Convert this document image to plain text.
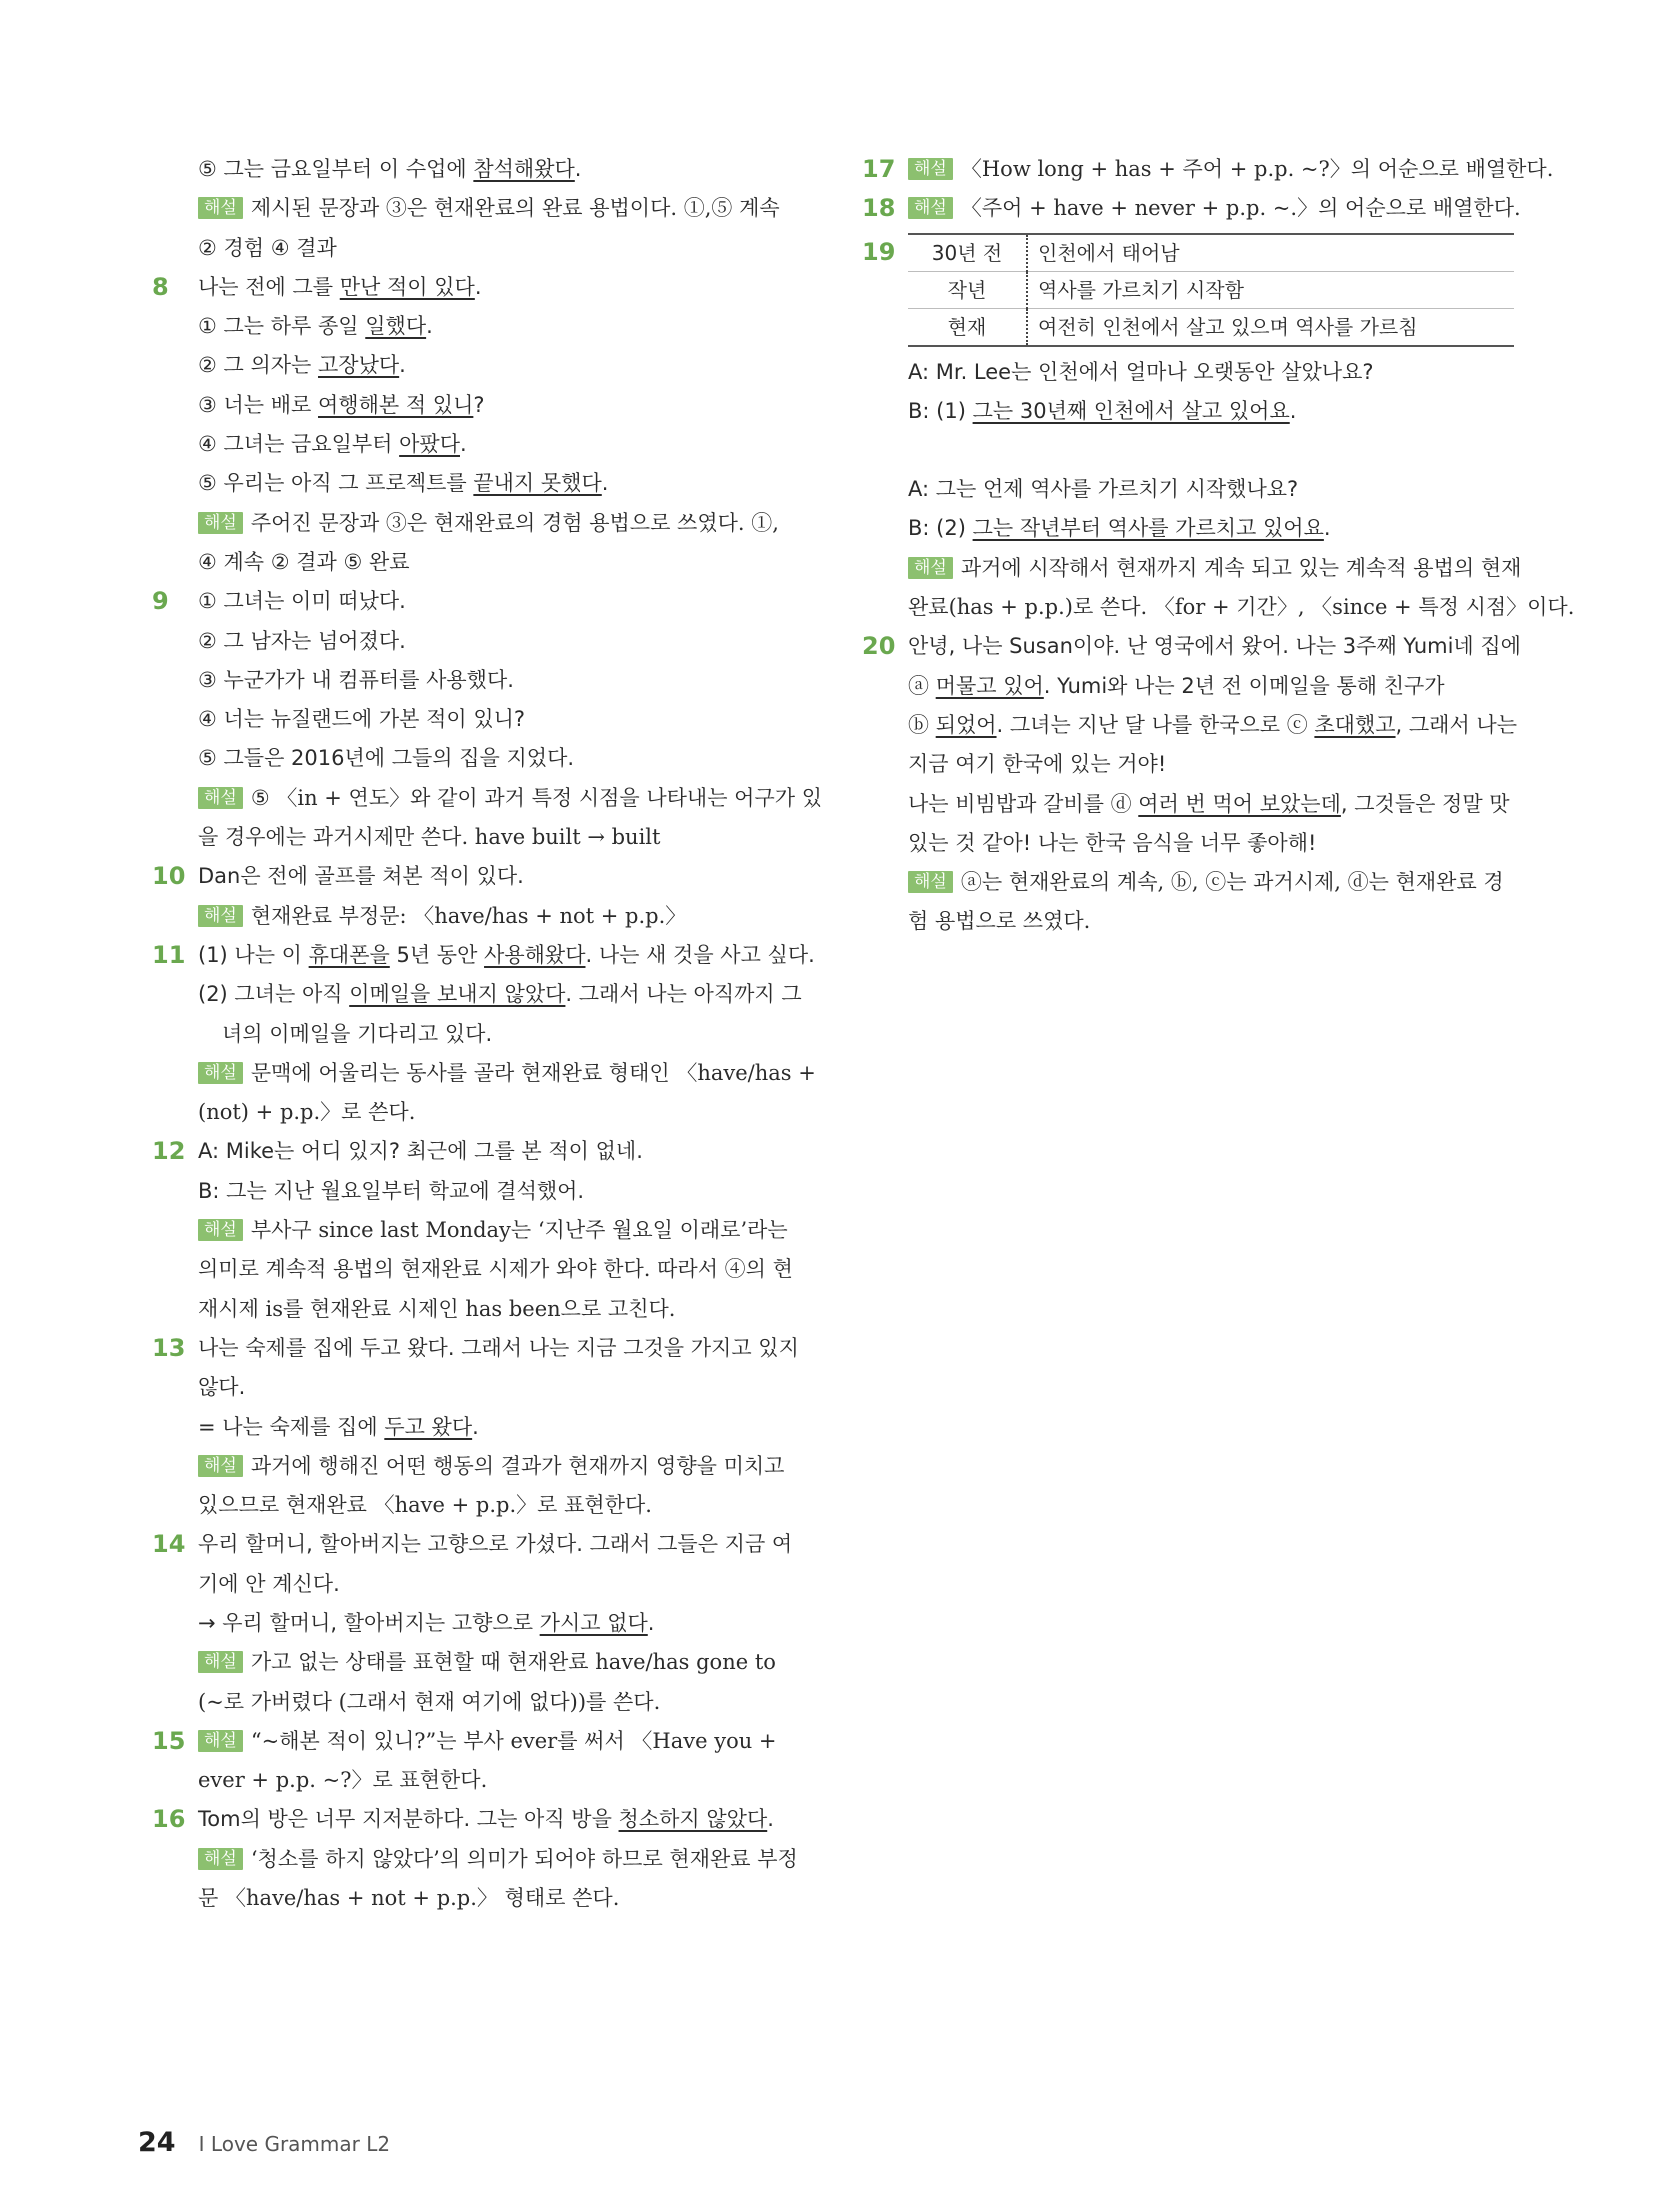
⑤ 그는 금요일부터 이 수업에 참석해왔다.
해설 제시된 문장과 ③은 현재완료의 완료 용법이다. ①,⑤ 계속
② 경험 ④ 결과
8	나는 전에 그를 만난 적이 있다.
① 그는 하루 종일 일했다.
② 그 의자는 고장났다.
③ 너는 배로 여행해본 적 있니?
④ 그녀는 금요일부터 아팠다.
⑤ 우리는 아직 그 프로젝트를 끝내지 못했다.
해설 주어진 문장과 ③은 현재완료의 경험 용법으로 쓰였다. ①,
④ 계속 ② 결과 ⑤ 완료
9	① 그녀는 이미 떠났다.
② 그 남자는 넘어졌다.
③ 누군가가 내 컴퓨터를 사용했다.
④ 너는 뉴질랜드에 가본 적이 있니?
⑤ 그들은 2016년에 그들의 집을 지었다.
해설 ⑤ 〈in + 연도〉와 같이 과거 특정 시점을 나타내는 어구가 있
을 경우에는 과거시제만 쓴다. have built → built
10 Dan은 전에 골프를 쳐본 적이 있다.
해설 현재완료 부정문: 〈have/has + not + p.p.〉
11 (1) 나는 이 휴대폰을 5년 동안 사용해왔다. 나는 새 것을 사고 싶다.
(2) 그녀는 아직 이메일을 보내지 않았다. 그래서 나는 아직까지 그
녀의 이메일을 기다리고 있다.
해설 문맥에 어울리는 동사를 골라 현재완료 형태인 〈have/has +
(not) + p.p.〉로 쓴다.
12 A: Mike는 어디 있지? 최근에 그를 본 적이 없네.
B: 그는 지난 월요일부터 학교에 결석했어.
해설 부사구 since last Monday는 ‘지난주 월요일 이래로’라는
의미로 계속적 용법의 현재완료 시제가 와야 한다. 따라서 ④의 현
재시제 is를 현재완료 시제인 has been으로 고친다.
13 나는 숙제를 집에 두고 왔다. 그래서 나는 지금 그것을 가지고 있지
않다.
= 나는 숙제를 집에 두고 왔다.
해설 과거에 행해진 어떤 행동의 결과가 현재까지 영향을 미치고
있으므로 현재완료 〈have + p.p.〉로 표현한다.
14 우리 할머니, 할아버지는 고향으로 가셨다. 그래서 그들은 지금 여
기에 안 계신다.
→ 우리 할머니, 할아버지는 고향으로 가시고 없다.
해설 가고 없는 상태를 표현할 때 현재완료 have/has gone to
(~로 가버렸다 (그래서 현재 여기에 없다))를 쓴다.
15	해설 “~해본 적이 있니?”는 부사 ever를 써서 〈Have you +
ever + p.p. ~?〉로 표현한다.
16 Tom의 방은 너무 지저분하다. 그는 아직 방을 청소하지 않았다.
해설 ‘청소를 하지 않았다’의 의미가 되어야 하므로 현재완료 부정
문 〈have/has + not + p.p.〉 형태로 쓴다.
17	해설 〈How long + has + 주어 + p.p. ~?〉의 어순으로 배열한다.
18	해설 〈주어 + have + never + p.p. ~.〉의 어순으로 배열한다.
19	30년 전	인천에서 태어남
작년	역사를 가르치기 시작함
현재	여전히 인천에서 살고 있으며 역사를 가르침
A: Mr. Lee는 인천에서 얼마나 오랫동안 살았나요?
B: (1) 그는 30년째 인천에서 살고 있어요.
A: 그는 언제 역사를 가르치기 시작했나요?
B: (2) 그는 작년부터 역사를 가르치고 있어요.
해설 과거에 시작해서 현재까지 계속 되고 있는 계속적 용법의 현재
완료(has + p.p.)로 쓴다. 〈for + 기간〉, 〈since + 특정 시점〉이다.
20 안녕, 나는 Susan이야. 난 영국에서 왔어. 나는 3주째 Yumi네 집에
ⓐ 머물고 있어. Yumi와 나는 2년 전 이메일을 통해 친구가
ⓑ 되었어. 그녀는 지난 달 나를 한국으로 ⓒ 초대했고, 그래서 나는
지금 여기 한국에 있는 거야!
나는 비빔밥과 갈비를 ⓓ 여러 번 먹어 보았는데, 그것들은 정말 맛
있는 것 같아! 나는 한국 음식을 너무 좋아해!
해설 ⓐ는 현재완료의 계속, ⓑ, ⓒ는 과거시제, ⓓ는 현재완료 경
험 용법으로 쓰였다.
24 I Love Grammar L2
